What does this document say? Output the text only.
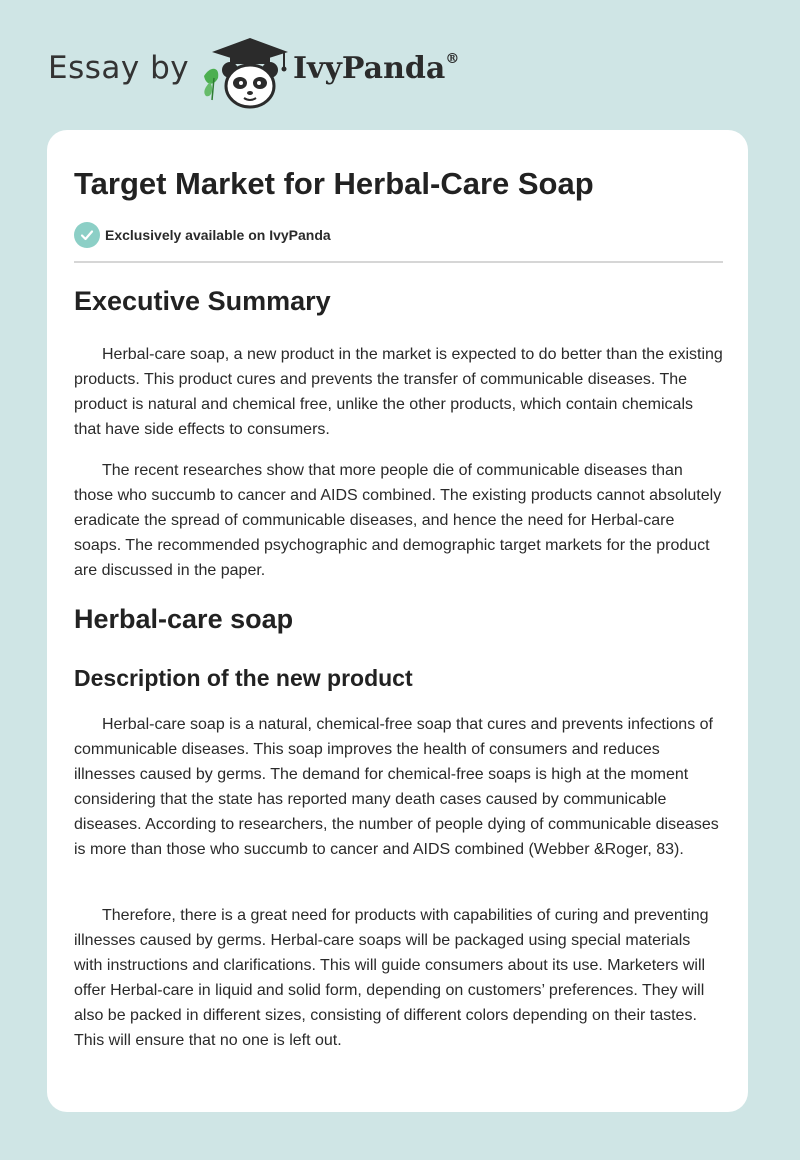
Essay by	IvyPanda®
Target Market for Herbal-Care Soap
Exclusively available on IvyPanda
Executive Summary

Herbal-care soap, a new product in the market is expected to do better than the existing products. This product cures and prevents the transfer of communicable diseases. The product is natural and chemical free, unlike the other products, which contain chemicals that have side effects to consumers.

The recent researches show that more people die of communicable diseases than those who succumb to cancer and AIDS combined. The existing products cannot absolutely eradicate the spread of communicable diseases, and hence the need for Herbal-care soaps. The recommended psychographic and demographic target markets for the product are discussed in the paper.

Herbal-care soap
Description of the new product

Herbal-care soap is a natural, chemical-free soap that cures and prevents infections of communicable diseases. This soap improves the health of consumers and reduces illnesses caused by germs. The demand for chemical-free soaps is high at the moment considering that the state has reported many death cases caused by communicable diseases. According to researchers, the number of people dying of communicable diseases is more than those who succumb to cancer and AIDS combined (Webber &Roger, 83).

Therefore, there is a great need for products with capabilities of curing and preventing illnesses caused by germs. Herbal-care soaps will be packaged using special materials with instructions and clarifications. This will guide consumers about its use. Marketers will offer Herbal-care in liquid and solid form, depending on customers’ preferences. They will also be packed in different sizes, consisting of different colors depending on their tastes. This will ensure that no one is left out.
